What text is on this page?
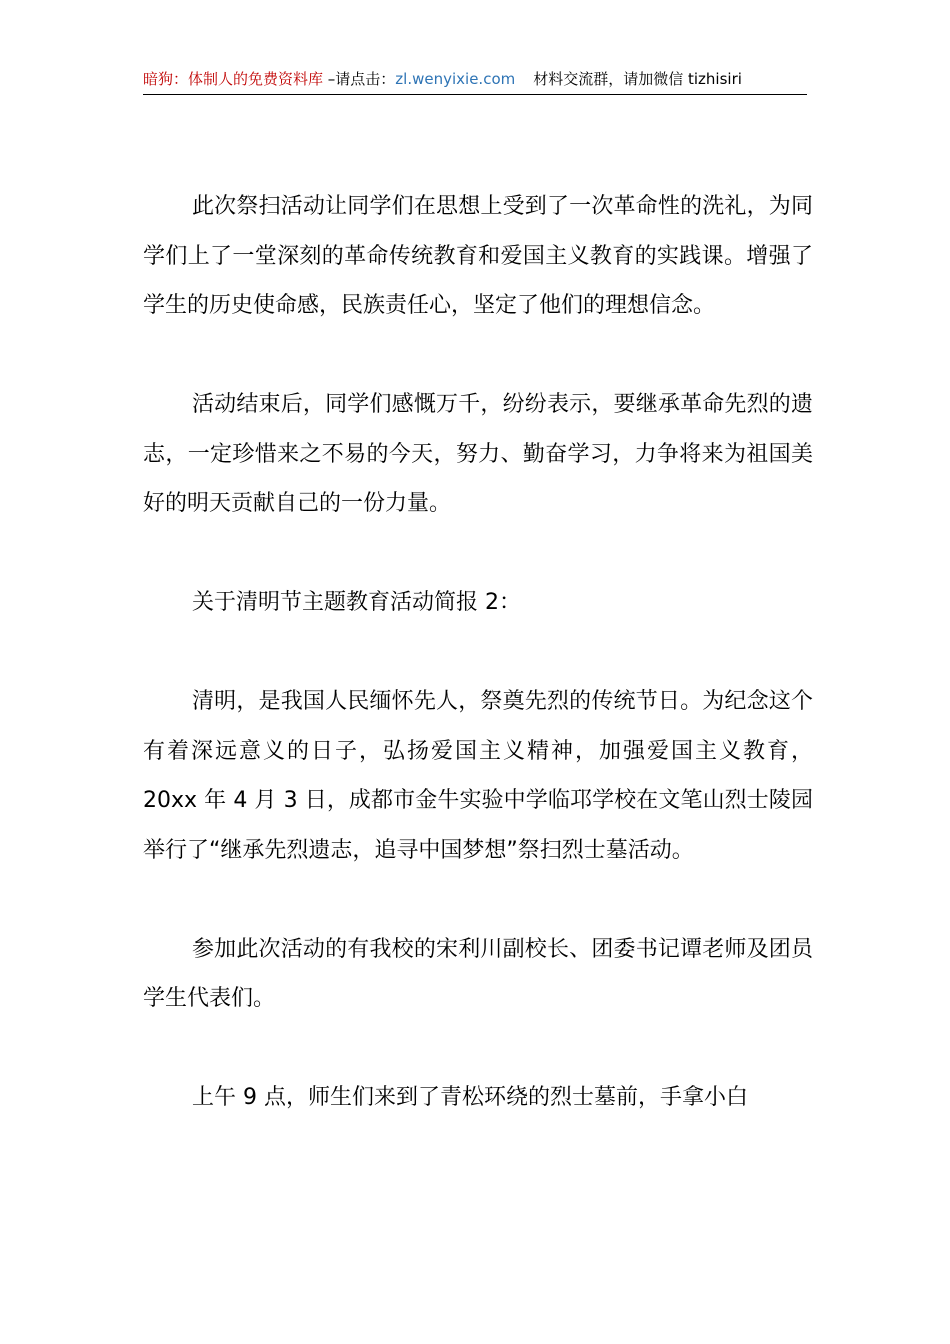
暗狗：体制人的免费资料库 –请点击：zl.wenyixie.com 材料交流群，请加微信 tizhisiri

此次祭扫活动让同学们在思想上受到了一次革命性的洗礼，为同学们上了一堂深刻的革命传统教育和爱国主义教育的实践课。增强了学生的历史使命感，民族责任心，坚定了他们的理想信念。

活动结束后，同学们感慨万千，纷纷表示，要继承革命先烈的遗志，一定珍惜来之不易的今天，努力、勤奋学习，力争将来为祖国美好的明天贡献自己的一份力量。

关于清明节主题教育活动简报 2：

清明，是我国人民缅怀先人，祭奠先烈的传统节日。为纪念这个有着深远意义的日子，弘扬爱国主义精神，加强爱国主义教育，20xx 年 4 月 3 日，成都市金牛实验中学临邛学校在文笔山烈士陵园举行了“继承先烈遗志，追寻中国梦想”祭扫烈士墓活动。

参加此次活动的有我校的宋利川副校长、团委书记谭老师及团员学生代表们。

上午 9 点，师生们来到了青松环绕的烈士墓前，手拿小白
